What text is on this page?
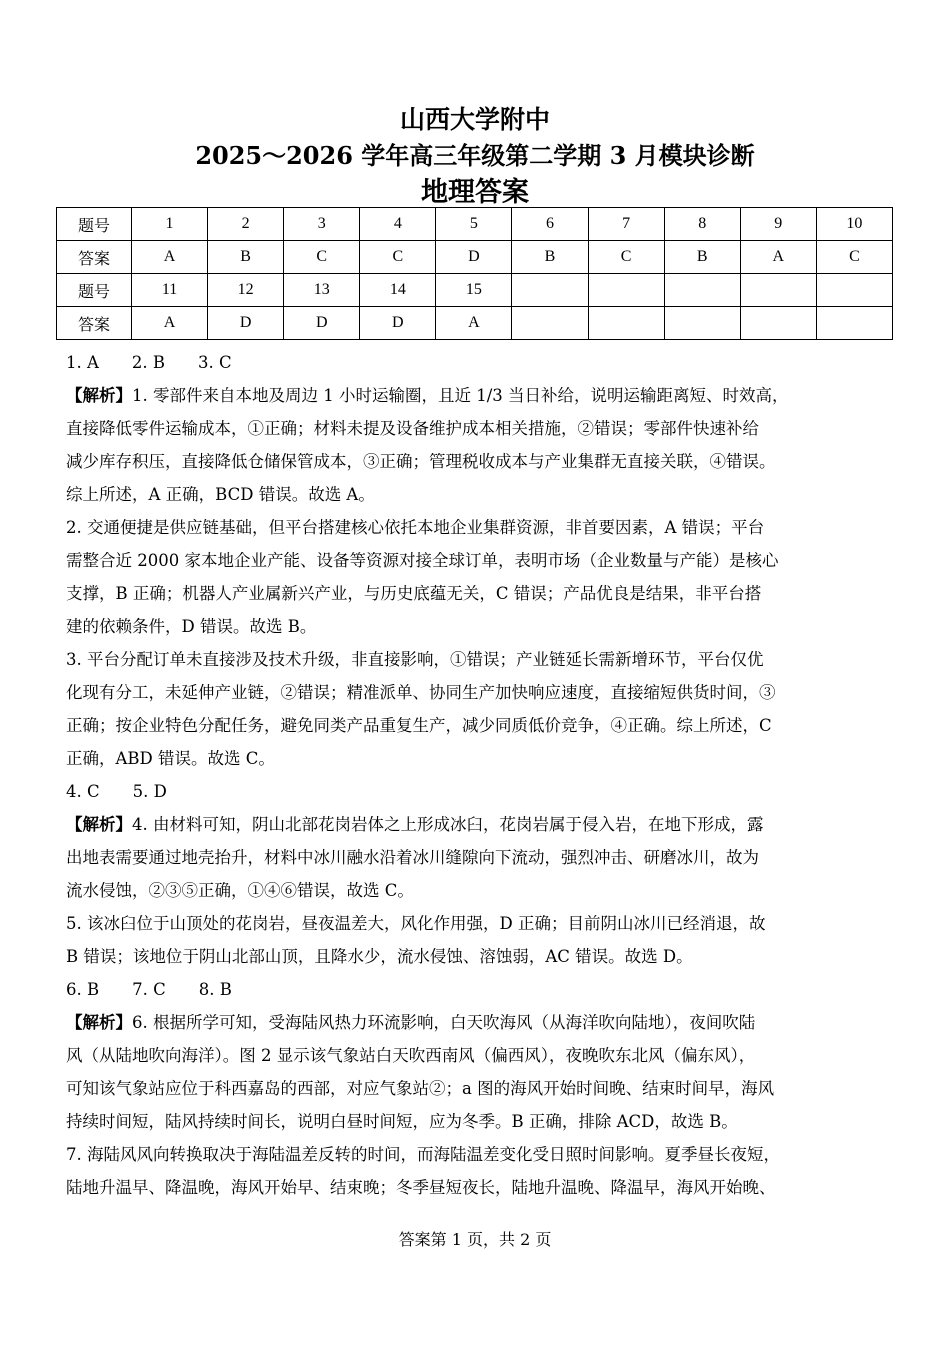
山西大学附中
2025～2026 学年高三年级第二学期 3 月模块诊断
地理答案
题号	1	2	3	4	5	6	7	8	9	10
答案	A	B	C	C	D	B	C	B	A	C
题号	11	12	13	14	15					
答案	A	D	D	D	A					
1. A　　2. B　　3. C
【解析】1. 零部件来自本地及周边 1 小时运输圈，且近 1/3 当日补给，说明运输距离短、时效高，
直接降低零件运输成本，①正确；材料未提及设备维护成本相关措施，②错误；零部件快速补给
减少库存积压，直接降低仓储保管成本，③正确；管理税收成本与产业集群无直接关联，④错误。
综上所述，A 正确，BCD 错误。故选 A。
2. 交通便捷是供应链基础，但平台搭建核心依托本地企业集群资源，非首要因素，A 错误；平台
需整合近 2000 家本地企业产能、设备等资源对接全球订单，表明市场（企业数量与产能）是核心
支撑，B 正确；机器人产业属新兴产业，与历史底蕴无关，C 错误；产品优良是结果，非平台搭
建的依赖条件，D 错误。故选 B。
3. 平台分配订单未直接涉及技术升级，非直接影响，①错误；产业链延长需新增环节，平台仅优
化现有分工，未延伸产业链，②错误；精准派单、协同生产加快响应速度，直接缩短供货时间，③
正确；按企业特色分配任务，避免同类产品重复生产，减少同质低价竞争，④正确。综上所述，C
正确，ABD 错误。故选 C。
4. C　　5. D
【解析】4. 由材料可知，阴山北部花岗岩体之上形成冰臼，花岗岩属于侵入岩，在地下形成，露
出地表需要通过地壳抬升，材料中冰川融水沿着冰川缝隙向下流动，强烈冲击、研磨冰川，故为
流水侵蚀，②③⑤正确，①④⑥错误，故选 C。
5. 该冰臼位于山顶处的花岗岩，昼夜温差大，风化作用强，D 正确；目前阴山冰川已经消退，故
B 错误；该地位于阴山北部山顶，且降水少，流水侵蚀、溶蚀弱，AC 错误。故选 D。
6. B　　7. C　　8. B
【解析】6. 根据所学可知，受海陆风热力环流影响，白天吹海风（从海洋吹向陆地），夜间吹陆
风（从陆地吹向海洋）。图 2 显示该气象站白天吹西南风（偏西风），夜晚吹东北风（偏东风），
可知该气象站应位于科西嘉岛的西部，对应气象站②；a 图的海风开始时间晚、结束时间早，海风
持续时间短，陆风持续时间长，说明白昼时间短，应为冬季。B 正确，排除 ACD，故选 B。
7. 海陆风风向转换取决于海陆温差反转的时间，而海陆温差变化受日照时间影响。夏季昼长夜短，
陆地升温早、降温晚，海风开始早、结束晚；冬季昼短夜长，陆地升温晚、降温早，海风开始晚、
答案第 1 页，共 2 页
